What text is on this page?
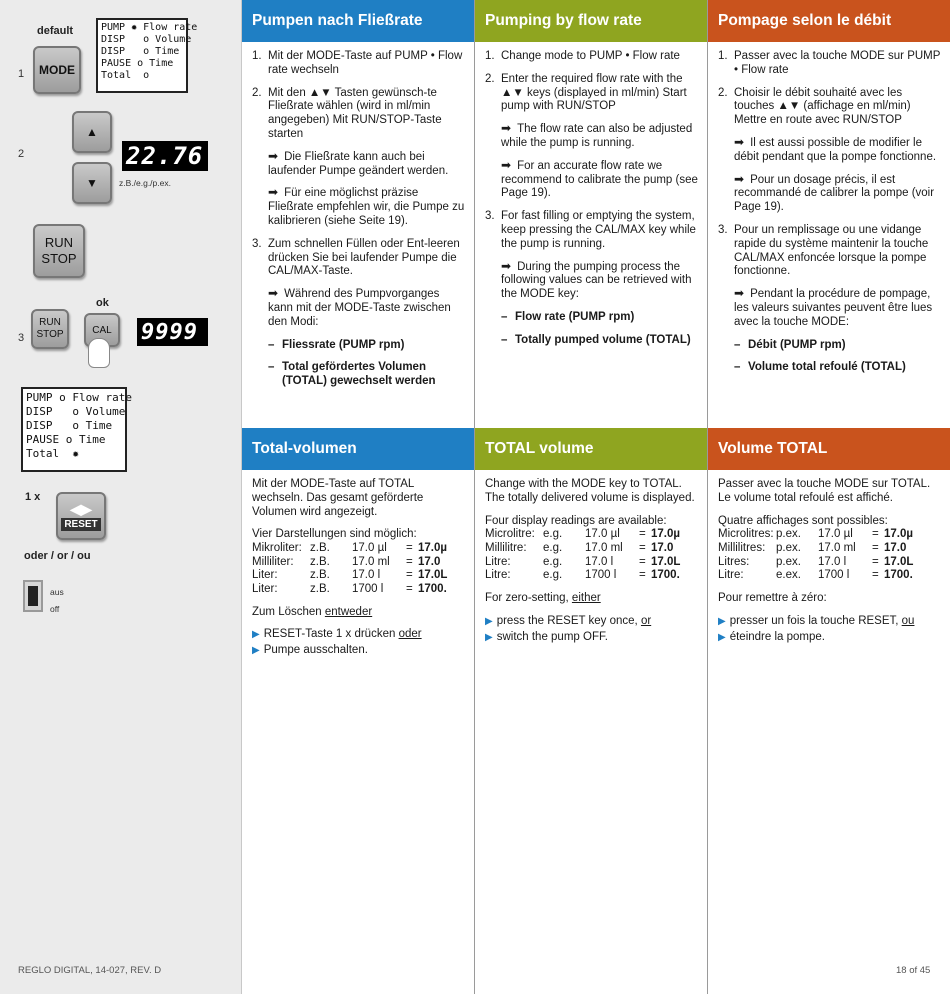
default
1 MODE
PUMP ✹ Flow rate
DISP   o Volume
DISP   o Time
PAUSE o Time
Total  o
2
▲
▼
22.76
z.B./e.g./p.ex.
RUN STOP
ok
3
RUN STOP	CAL 9999
PUMP o Flow rate
DISP   o Volume
DISP   o Time
PAUSE o Time
Total  ✹
1 x
◀▶
RESET
oder / or / ou
aus
off
REGLO DIGITAL, 14-027, REV. D
Pumpen nach Fließrate
1. Mit der MODE-Taste auf PUMP • Flow rate wechseln
2. Mit den ▲▼ Tasten gewünsch-te Fließrate wählen (wird in ml/min angegeben) Mit RUN/STOP-Taste starten
➡ Die Fließrate kann auch bei laufender Pumpe geändert werden.
➡ Für eine möglichst präzise Fließrate empfehlen wir, die Pumpe zu kalibrieren (siehe Seite 19).
3. Zum schnellen Füllen oder Ent-leeren drücken Sie bei laufender Pumpe die CAL/MAX-Taste.
➡ Während des Pumpvorganges kann mit der MODE-Taste zwischen den Modi:
– Fliessrate (PUMP rpm)
– Total gefördertes Volumen (TOTAL) gewechselt werden
Total-volumen
Mit der MODE-Taste auf TOTAL wechseln. Das gesamt geförderte Volumen wird angezeigt.
Vier Darstellungen sind möglich:
Mikroliter:	z.B.	17.0 µl	=	17.0µ
Milliliter:	z.B.	17.0 ml	=	17.0
Liter:	z.B.	17.0 l	=	17.0L
Liter:	z.B.	1700 l	=	1700.
Zum Löschen entweder
▶ RESET-Taste 1 x drücken oder
▶ Pumpe ausschalten.
Pumping by flow rate
1. Change mode to PUMP • Flow rate
2. Enter the required flow rate with the ▲▼ keys (displayed in ml/min) Start pump with RUN/STOP
➡ The flow rate can also be adjusted while the pump is running.
➡ For an accurate flow rate we recommend to calibrate the pump (see Page 19).
3. For fast filling or emptying the system, keep pressing the CAL/MAX key while the pump is running.
➡ During the pumping process the following values can be retrieved with the MODE key:
– Flow rate (PUMP rpm)
– Totally pumped volume (TOTAL)
TOTAL volume
Change with the MODE key to TOTAL. The totally delivered volume is displayed.
Four display readings are available:
Microlitre:	e.g.	17.0 µl	=	17.0µ
Millilitre:	e.g.	17.0 ml	=	17.0
Litre:	e.g.	17.0 l	=	17.0L
Litre:	e.g.	1700 l	=	1700.
For zero-setting, either
▶ press the RESET key once, or
▶ switch the pump OFF.
Pompage selon le débit
1. Passer avec la touche MODE sur PUMP • Flow rate
2. Choisir le débit souhaité avec les touches ▲▼ (affichage en ml/min) Mettre en route avec RUN/STOP
➡ Il est aussi possible de modifier le débit pendant que la pompe fonctionne.
➡ Pour un dosage précis, il est recommandé de calibrer la pompe (voir Page 19).
3. Pour un remplissage ou une vidange rapide du système maintenir la touche CAL/MAX enfoncée lorsque la pompe fonctionne.
➡ Pendant la procédure de pompage, les valeurs suivantes peuvent être lues avec la touche MODE:
– Débit (PUMP rpm)
– Volume total refoulé (TOTAL)
Volume TOTAL
Passer avec la touche MODE sur TOTAL. Le volume total refoulé est affiché.
Quatre affichages sont possibles:
Microlitres:	p.ex.	17.0 µl	=	17.0µ
Millilitres:	p.ex.	17.0 ml	=	17.0
Litres:	p.ex.	17.0 l	=	17.0L
Litre:	e.ex.	1700 l	=	1700.
Pour remettre à zéro:
▶ presser un fois la touche RESET, ou
▶ éteindre la pompe.
18 of 45
